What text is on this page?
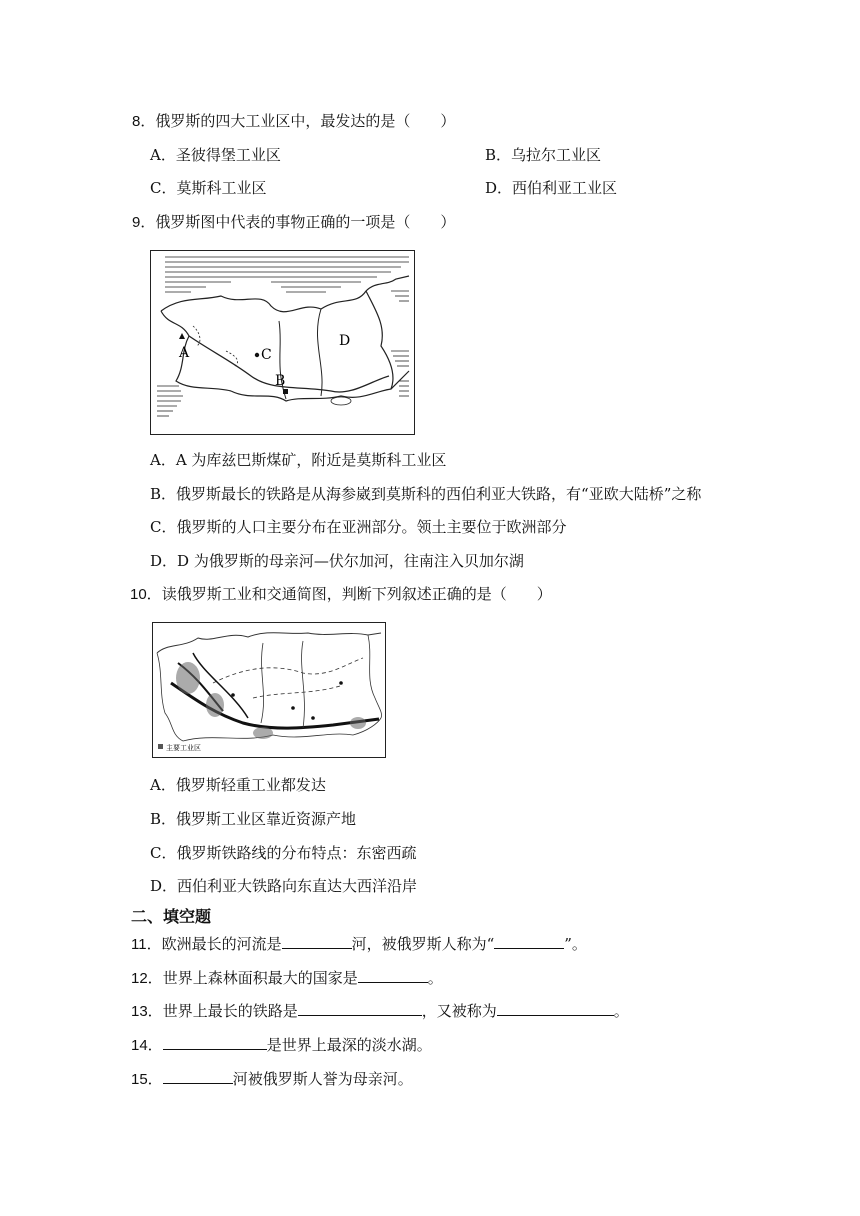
8．俄罗斯的四大工业区中，最发达的是（　　）
A．圣彼得堡工业区	B．乌拉尔工业区
C．莫斯科工业区	D．西伯利亚工业区
9．俄罗斯图中代表的事物正确的一项是（　　）
A	C
B
D
A．A 为库兹巴斯煤矿，附近是莫斯科工业区
B．俄罗斯最长的铁路是从海参崴到莫斯科的西伯利亚大铁路，有“亚欧大陆桥”之称
C．俄罗斯的人口主要分布在亚洲部分。领土主要位于欧洲部分
D．D 为俄罗斯的母亲河—伏尔加河，往南注入贝加尔湖
10．读俄罗斯工业和交通简图，判断下列叙述正确的是（　　）
主要工业区
A．俄罗斯轻重工业都发达
B．俄罗斯工业区靠近资源产地
C．俄罗斯铁路线的分布特点：东密西疏
D．西伯利亚大铁路向东直达大西洋沿岸
二、填空题
11．欧洲最长的河流是	河，被俄罗斯人称为“	”。
12．世界上森林面积最大的国家是	。
13．世界上最长的铁路是	，又被称为	。
14．	是世界上最深的淡水湖。
15．	河被俄罗斯人誉为母亲河。
